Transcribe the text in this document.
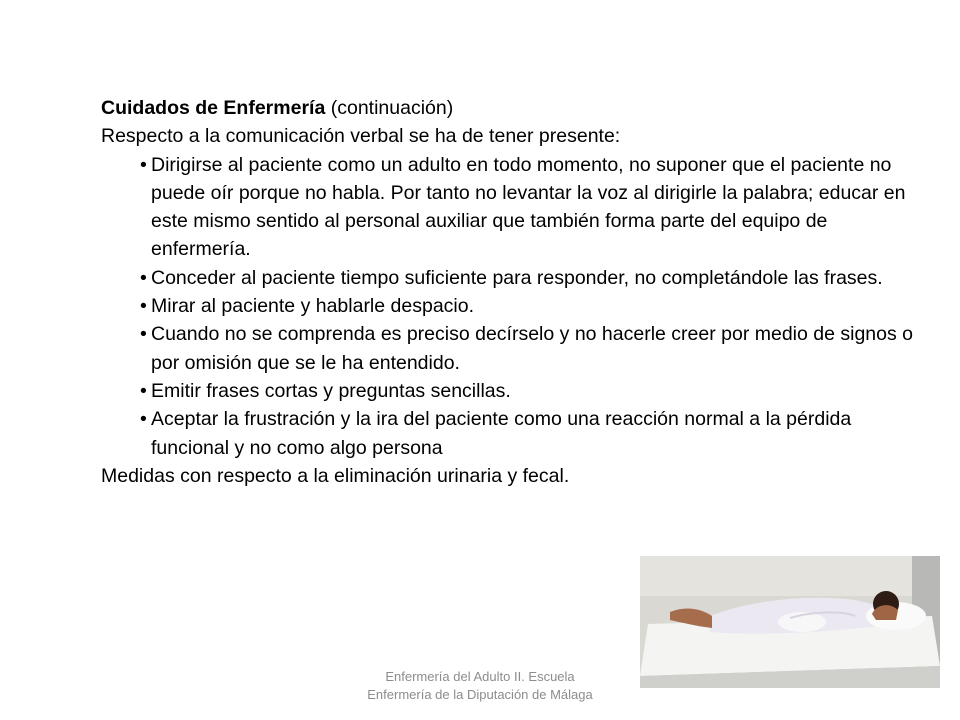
Cuidados de Enfermería (continuación)
Respecto a la comunicación verbal se ha de tener presente:
• Dirigirse al paciente como un adulto en todo momento, no suponer que el paciente no puede oír porque no habla. Por tanto no levantar la voz al dirigirle la palabra; educar en este mismo sentido al personal auxiliar que también forma parte del equipo de enfermería.
• Conceder al paciente tiempo suficiente para responder, no completándole las frases.
• Mirar al paciente y hablarle despacio.
• Cuando no se comprenda es preciso decírselo y no hacerle creer por medio de signos o por omisión que se le ha entendido.
• Emitir frases cortas y preguntas sencillas.
• Aceptar la frustración y la ira del paciente como una reacción normal a la pérdida funcional y no como algo persona
Medidas con respecto a la eliminación urinaria y fecal.
Enfermería del Adulto II. Escuela
Enfermería de la Diputación de Málaga
